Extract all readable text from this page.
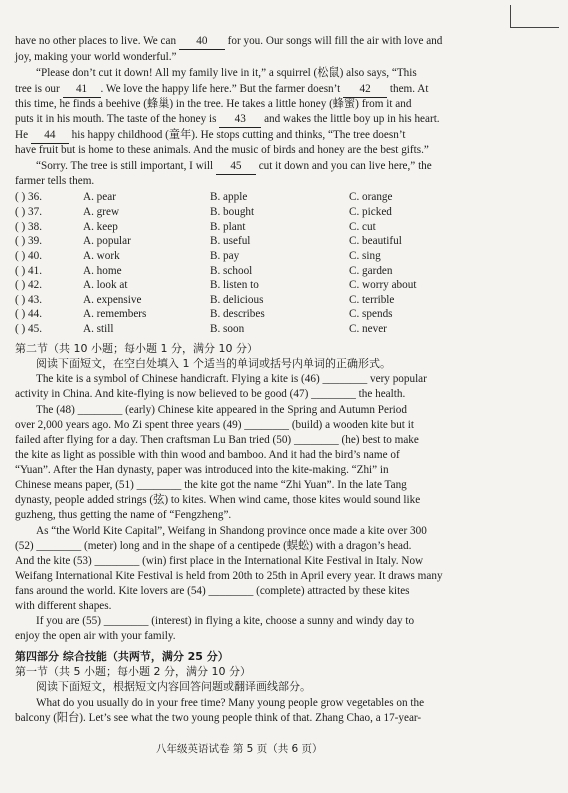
have no other places to live. We can 40 for you. Our songs will fill the air with love and
joy, making your world wonderful.”
“Please don’t cut it down! All my family live in it,” a squirrel (松鼠) also says, “This
tree is our 41 . We love the happy life here.” But the farmer doesn’t 42 them. At
this time, he finds a beehive (蜂巢) in the tree. He takes a little honey (蜂蜜) from it and
puts it in his mouth. The taste of the honey is 43 and wakes the little boy up in his heart.
He 44 his happy childhood (童年). He stops cutting and thinks, “The tree doesn’t
have fruit but is home to these animals. And the music of birds and honey are the best gifts.”
“Sorry. The tree is still important, I will 45 cut it down and you can live here,” the
farmer tells them.
( ) 36.	A. pear	B. apple	C. orange
( ) 37.	A. grew	B. bought	C. picked
( ) 38.	A. keep	B. plant	C. cut
( ) 39.	A. popular	B. useful	C. beautiful
( ) 40.	A. work	B. pay	C. sing
( ) 41.	A. home	B. school	C. garden
( ) 42.	A. look at	B. listen to	C. worry about
( ) 43.	A. expensive	B. delicious	C. terrible
( ) 44.	A. remembers	B. describes	C. spends
( ) 45.	A. still	B. soon	C. never
第二节（共 10 小题；每小题 1 分，满分 10 分）
阅读下面短文，在空白处填入 1 个适当的单词或括号内单词的正确形式。
The kite is a symbol of Chinese handicraft. Flying a kite is (46) ________ very popular
activity in China. And kite-flying is now believed to be good (47) ________ the health.
The (48) ________ (early) Chinese kite appeared in the Spring and Autumn Period
over 2,000 years ago. Mo Zi spent three years (49) ________ (build) a wooden kite but it
failed after flying for a day. Then craftsman Lu Ban tried (50) ________ (he) best to make
the kite as light as possible with thin wood and bamboo. And it had the bird’s name of
“Yuan”. After the Han dynasty, paper was introduced into the kite-making. “Zhi” in
Chinese means paper, (51) ________ the kite got the name “Zhi Yuan”. In the late Tang
dynasty, people added strings (弦) to kites. When wind came, those kites would sound like
guzheng, thus getting the name of “Fengzheng”.
As “the World Kite Capital”, Weifang in Shandong province once made a kite over 300
(52) ________ (meter) long and in the shape of a centipede (蜈蚣) with a dragon’s head.
And the kite (53) ________ (win) first place in the International Kite Festival in Italy. Now
Weifang International Kite Festival is held from 20th to 25th in April every year. It draws many
fans around the world. Kite lovers are (54) ________ (complete) attracted by these kites
with different shapes.
If you are (55) ________ (interest) in flying a kite, choose a sunny and windy day to
enjoy the open air with your family.
第四部分 综合技能（共两节，满分 25 分）
第一节（共 5 小题；每小题 2 分，满分 10 分）
阅读下面短文，根据短文内容回答问题或翻译画线部分。
What do you usually do in your free time? Many young people grow vegetables on the
balcony (阳台). Let’s see what the two young people think of that. Zhang Chao, a 17-year-
八年级英语试卷 第 5 页（共 6 页）
